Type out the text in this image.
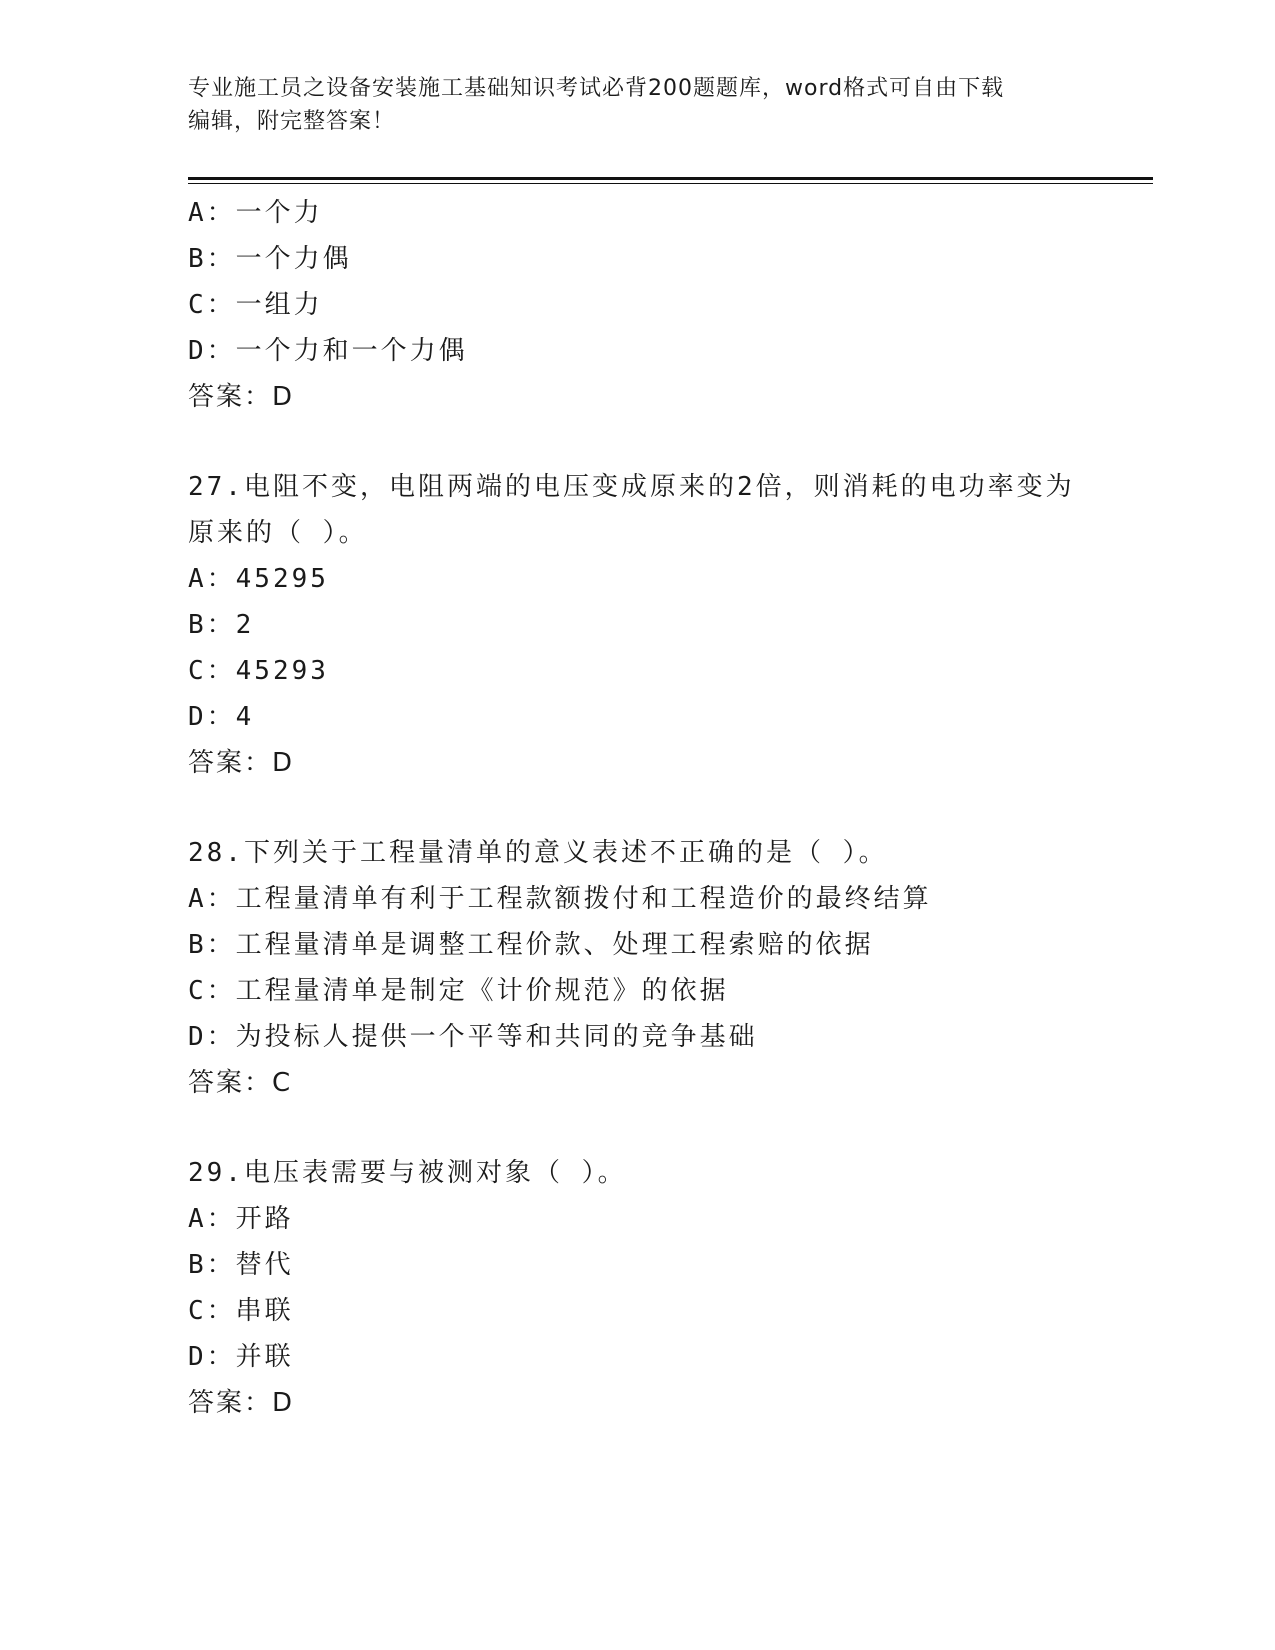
专业施工员之设备安装施工基础知识考试必背200题题库，word格式可自由下载
编辑，附完整答案！
A：一个力
B：一个力偶
C：一组力
D：一个力和一个力偶
答案：D
27.电阻不变，电阻两端的电压变成原来的2倍，则消耗的电功率变为
原来的（ ）。
A：45295
B：2
C：45293
D：4
答案：D
28.下列关于工程量清单的意义表述不正确的是（ ）。
A：工程量清单有利于工程款额拨付和工程造价的最终结算
B：工程量清单是调整工程价款、处理工程索赔的依据
C：工程量清单是制定《计价规范》的依据
D：为投标人提供一个平等和共同的竞争基础
答案：C
29.电压表需要与被测对象（ ）。
A：开路
B：替代
C：串联
D：并联
答案：D
